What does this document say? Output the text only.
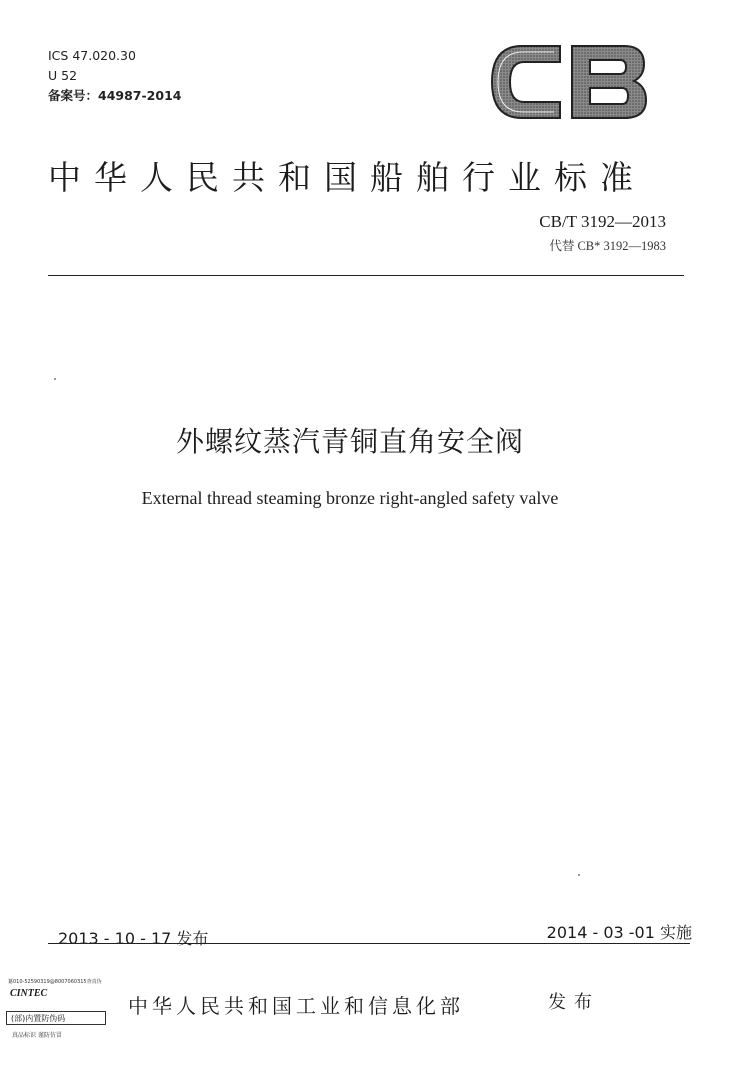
ICS 47.020.30
U 52
备案号：44987-2014
中华人民共和国船舶行业标准
CB/T 3192—2013
代替 CB* 3192—1983
外螺纹蒸汽青铜直角安全阀
External thread steaming bronze right-angled safety valve
2013 - 10 - 17 发布	2014 - 03 -01 实施
纂010-52590319@8007060315查真伪
CINTEC
(部)内置防伪码
真品标识 谨防仿冒
中华人民共和国工业和信息化部	发布
